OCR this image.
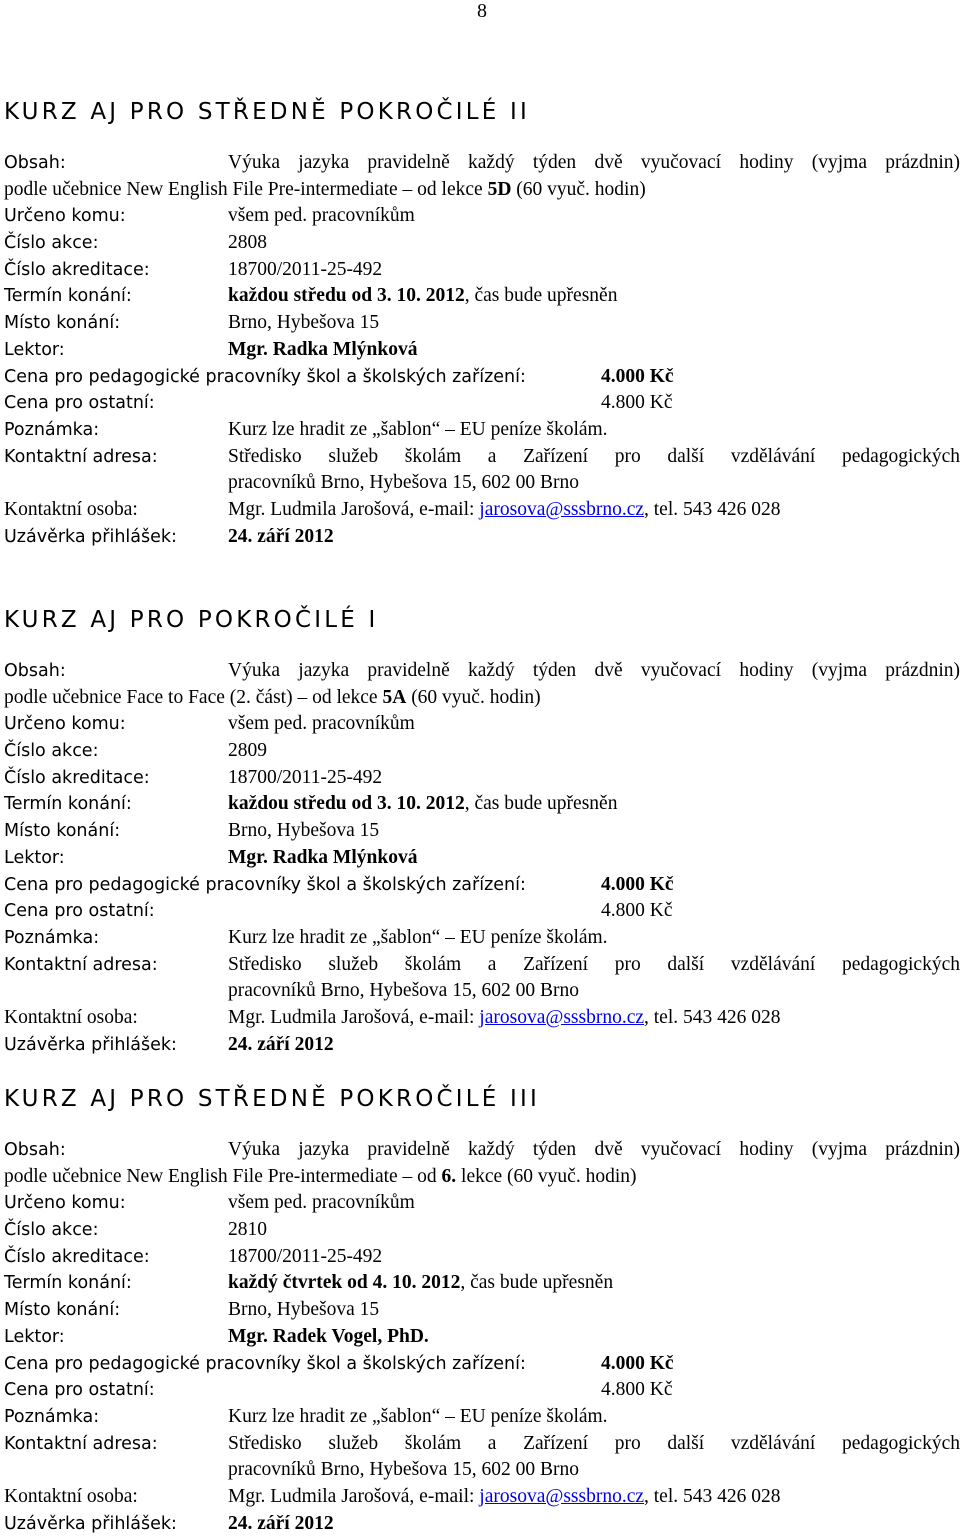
8
KURZ AJ PRO STŘEDNĚ POKROČILÉ II
Obsah:	Výuka jazyka pravidelně každý týden dvě vyučovací hodiny (vyjma prázdnin)
podle učebnice New English File Pre-intermediate – od lekce 5D (60 vyuč. hodin)
Určeno komu:	všem ped. pracovníkům
Číslo akce:	2808
Číslo akreditace:	18700/2011-25-492
Termín konání:	každou středu od 3. 10. 2012, čas bude upřesněn
Místo konání:	Brno, Hybešova 15
Lektor:	Mgr. Radka Mlýnková
Cena pro pedagogické pracovníky škol a školských zařízení:	4.000 Kč
Cena pro ostatní:	4.800 Kč
Poznámka:	Kurz lze hradit ze „šablon“ – EU peníze školám.
Kontaktní adresa:	Středisko služeb školám a Zařízení pro další vzdělávání pedagogických
pracovníků Brno, Hybešova 15, 602 00 Brno
Kontaktní osoba:	Mgr. Ludmila Jarošová, e-mail: jarosova@sssbrno.cz, tel. 543 426 028
Uzávěrka přihlášek:	24. září 2012
KURZ AJ PRO POKROČILÉ I
Obsah:	Výuka jazyka pravidelně každý týden dvě vyučovací hodiny (vyjma prázdnin)
podle učebnice Face to Face (2. část) – od lekce 5A (60 vyuč. hodin)
Určeno komu:	všem ped. pracovníkům
Číslo akce:	2809
Číslo akreditace:	18700/2011-25-492
Termín konání:	každou středu od 3. 10. 2012, čas bude upřesněn
Místo konání:	Brno, Hybešova 15
Lektor:	Mgr. Radka Mlýnková
Cena pro pedagogické pracovníky škol a školských zařízení:	4.000 Kč
Cena pro ostatní:	4.800 Kč
Poznámka:	Kurz lze hradit ze „šablon“ – EU peníze školám.
Kontaktní adresa:	Středisko služeb školám a Zařízení pro další vzdělávání pedagogických
pracovníků Brno, Hybešova 15, 602 00 Brno
Kontaktní osoba:	Mgr. Ludmila Jarošová, e-mail: jarosova@sssbrno.cz, tel. 543 426 028
Uzávěrka přihlášek:	24. září 2012
KURZ AJ PRO STŘEDNĚ POKROČILÉ III
Obsah:	Výuka jazyka pravidelně každý týden dvě vyučovací hodiny (vyjma prázdnin)
podle učebnice New English File Pre-intermediate – od 6. lekce (60 vyuč. hodin)
Určeno komu:	všem ped. pracovníkům
Číslo akce:	2810
Číslo akreditace:	18700/2011-25-492
Termín konání:	každý čtvrtek od 4. 10. 2012, čas bude upřesněn
Místo konání:	Brno, Hybešova 15
Lektor:	Mgr. Radek Vogel, PhD.
Cena pro pedagogické pracovníky škol a školských zařízení:	4.000 Kč
Cena pro ostatní:	4.800 Kč
Poznámka:	Kurz lze hradit ze „šablon“ – EU peníze školám.
Kontaktní adresa:	Středisko služeb školám a Zařízení pro další vzdělávání pedagogických
pracovníků Brno, Hybešova 15, 602 00 Brno
Kontaktní osoba:	Mgr. Ludmila Jarošová, e-mail: jarosova@sssbrno.cz, tel. 543 426 028
Uzávěrka přihlášek:	24. září 2012
